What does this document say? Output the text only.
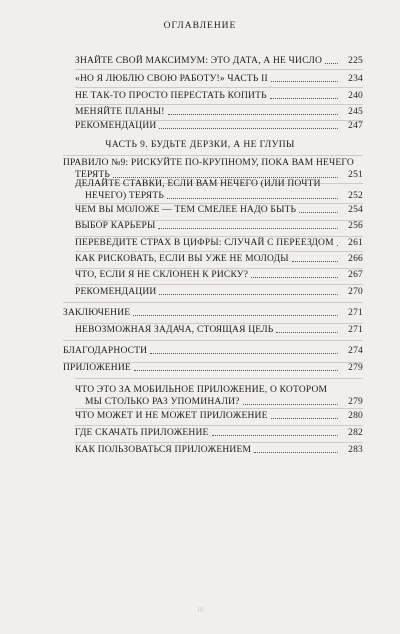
ОГЛАВЛЕНИЕ
ЗНАЙТЕ СВОЙ МАКСИМУМ: ЭТО ДАТА, А НЕ ЧИСЛО	225
«НО Я ЛЮБЛЮ СВОЮ РАБОТУ!» ЧАСТЬ II	234
НЕ ТАК-ТО ПРОСТО ПЕРЕСТАТЬ КОПИТЬ	240
МЕНЯЙТЕ ПЛАНЫ!	245
РЕКОМЕНДАЦИИ	247
ЧАСТЬ 9. БУДЬТЕ ДЕРЗКИ, А НЕ ГЛУПЫ
ПРАВИЛО №9: РИСКУЙТЕ ПО-КРУПНОМУ, ПОКА ВАМ НЕЧЕГО
ТЕРЯТЬ	251
ДЕЛАЙТЕ СТАВКИ, ЕСЛИ ВАМ НЕЧЕГО (ИЛИ ПОЧТИ
НЕЧЕГО) ТЕРЯТЬ	252
ЧЕМ ВЫ МОЛОЖЕ — ТЕМ СМЕЛЕЕ НАДО БЫТЬ	254
ВЫБОР КАРЬЕРЫ	256
ПЕРЕВЕДИТЕ СТРАХ В ЦИФРЫ: СЛУЧАЙ С ПЕРЕЕЗДОМ	261
КАК РИСКОВАТЬ, ЕСЛИ ВЫ УЖЕ НЕ МОЛОДЫ	266
ЧТО, ЕСЛИ Я НЕ СКЛОНЕН К РИСКУ?	267
РЕКОМЕНДАЦИИ	270
ЗАКЛЮЧЕНИЕ	271
НЕВОЗМОЖНАЯ ЗАДАЧА, СТОЯЩАЯ ЦЕЛЬ	271
БЛАГОДАРНОСТИ	274
ПРИЛОЖЕНИЕ	279
ЧТО ЭТО ЗА МОБИЛЬНОЕ ПРИЛОЖЕНИЕ, О КОТОРОМ
МЫ СТОЛЬКО РАЗ УПОМИНАЛИ?	279
ЧТО МОЖЕТ И НЕ МОЖЕТ ПРИЛОЖЕНИЕ	280
ГДЕ СКАЧАТЬ ПРИЛОЖЕНИЕ	282
КАК ПОЛЬЗОВАТЬСЯ ПРИЛОЖЕНИЕМ	283
10
